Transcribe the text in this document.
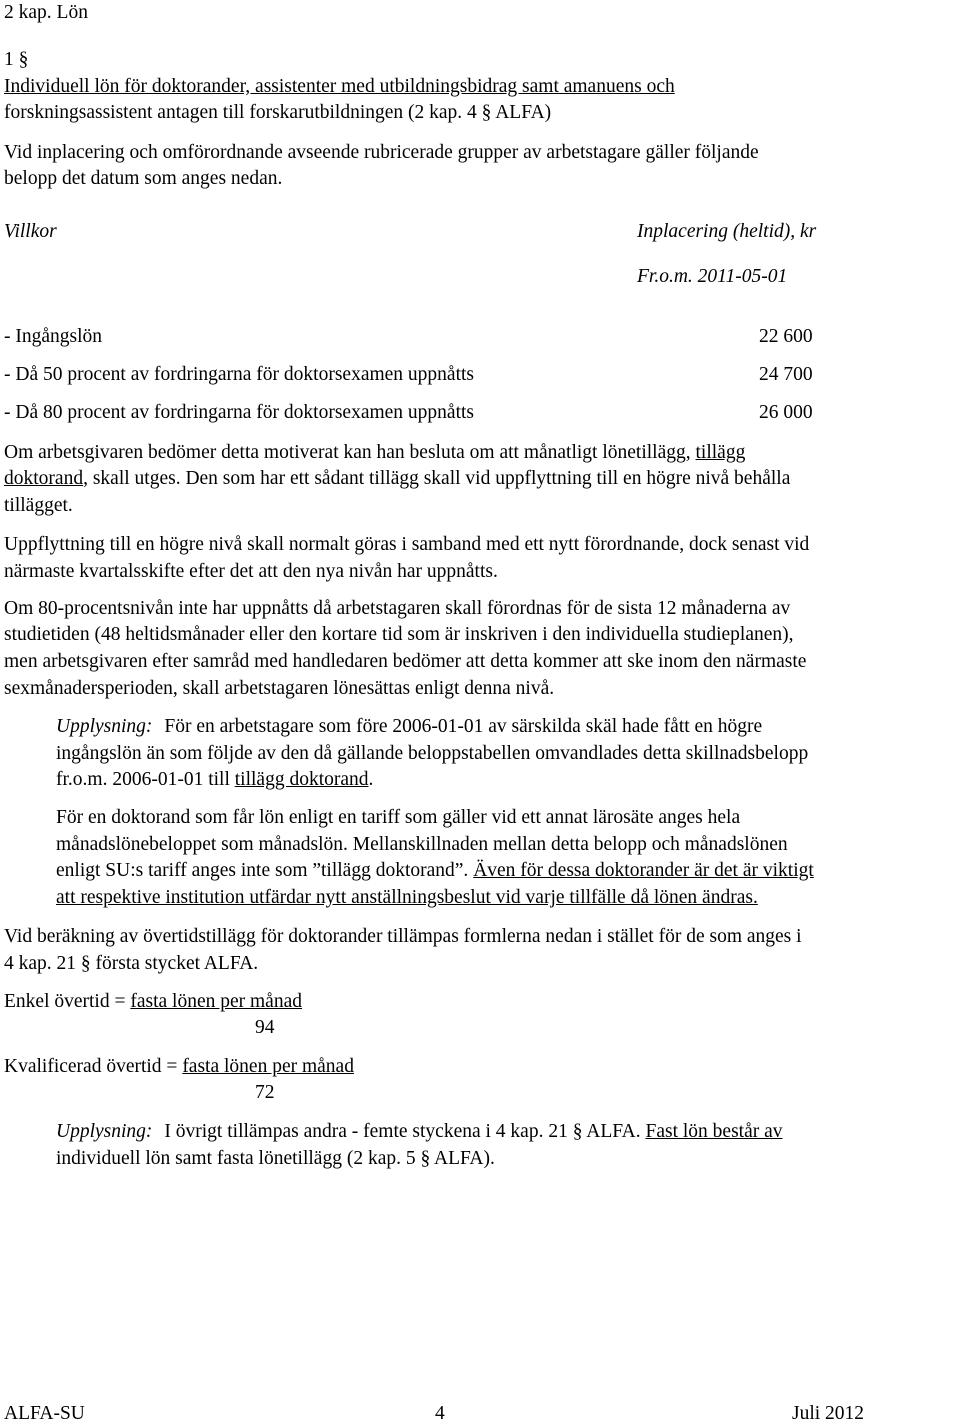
2 kap. Lön
1 §
Individuell lön för doktorander, assistenter med utbildningsbidrag samt amanuens och
forskningsassistent antagen till forskarutbildningen (2 kap. 4 § ALFA)
Vid inplacering och omförordnande avseende rubricerade grupper av arbetstagare gäller följande
belopp det datum som anges nedan.
Villkor	Inplacering (heltid), kr
Fr.o.m. 2011-05-01
- Ingångslön	22 600
- Då 50 procent av fordringarna för doktorsexamen uppnåtts	24 700
- Då 80 procent av fordringarna för doktorsexamen uppnåtts	26 000
Om arbetsgivaren bedömer detta motiverat kan han besluta om att månatligt lönetillägg, tillägg
doktorand, skall utges. Den som har ett sådant tillägg skall vid uppflyttning till en högre nivå behålla
tillägget.
Uppflyttning till en högre nivå skall normalt göras i samband med ett nytt förordnande, dock senast vid
närmaste kvartalsskifte efter det att den nya nivån har uppnåtts.
Om 80-procentsnivån inte har uppnåtts då arbetstagaren skall förordnas för de sista 12 månaderna av
studietiden (48 heltidsmånader eller den kortare tid som är inskriven i den individuella studieplanen),
men arbetsgivaren efter samråd med handledaren bedömer att detta kommer att ske inom den närmaste
sexmånadersperioden, skall arbetstagaren lönesättas enligt denna nivå.
Upplysning: För en arbetstagare som före 2006-01-01 av särskilda skäl hade fått en högre
ingångslön än som följde av den då gällande beloppstabellen omvandlades detta skillnadsbelopp
fr.o.m. 2006-01-01 till tillägg doktorand.
För en doktorand som får lön enligt en tariff som gäller vid ett annat lärosäte anges hela
månadslönebeloppet som månadslön. Mellanskillnaden mellan detta belopp och månadslönen
enligt SU:s tariff anges inte som ”tillägg doktorand”. Även för dessa doktorander är det är viktigt
att respektive institution utfärdar nytt anställningsbeslut vid varje tillfälle då lönen ändras.
Vid beräkning av övertidstillägg för doktorander tillämpas formlerna nedan i stället för de som anges i
4 kap. 21 § första stycket ALFA.
Enkel övertid = fasta lönen per månad
94
Kvalificerad övertid = fasta lönen per månad
72
Upplysning: I övrigt tillämpas andra - femte styckena i 4 kap. 21 § ALFA. Fast lön består av
individuell lön samt fasta lönetillägg (2 kap. 5 § ALFA).
ALFA-SU	4	Juli 2012
